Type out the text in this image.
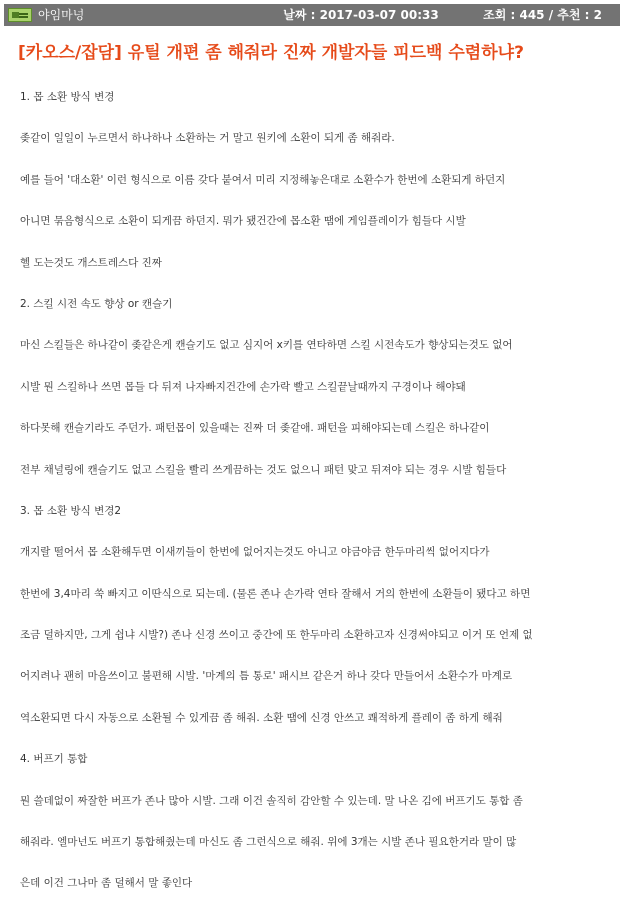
야임마넝	날짜 : 2017-03-07 00:33	조회 : 445 / 추천 : 2
[카오스/잡담] 유틸 개편 좀 해줘라 진짜 개발자들 피드백 수렴하냐?

1. 몹 소환 방식 변경

좆같이 일일이 누르면서 하나하나 소환하는 거 말고 원키에 소환이 되게 좀 해줘라.

예를 들어 '대소환' 이런 형식으로 이름 갖다 붙여서 미리 지정해놓은대로 소환수가 한번에 소환되게 하던지

아니면 묶음형식으로 소환이 되게끔 하던지. 뭐가 됐건간에 몹소환 땜에 게임플레이가 힘들다 시발

헬 도는것도 개스트레스다 진짜

2. 스킬 시전 속도 향상 or 캔슬기

마신 스킬들은 하나같이 좆같은게 캔슬기도 없고 심지어 x키를 연타하면 스킬 시전속도가 향상되는것도 없어

시발 뭔 스킬하나 쓰면 몹들 다 뒤져 나자빠지건간에 손가락 빨고 스킬끝날때까지 구경이나 해야돼

하다못해 캔슬기라도 주던가. 패턴몹이 있을때는 진짜 더 좆같애. 패턴을 피해야되는데 스킬은 하나같이

전부 채널링에 캔슬기도 없고 스킬을 빨리 쓰게끔하는 것도 없으니 패턴 맞고 뒤져야 되는 경우 시발 힘들다

3. 몹 소환 방식 변경2

개지랄 떨어서 몹 소환해두면 이새끼들이 한번에 없어지는것도 아니고 야금야금 한두마리씩 없어지다가

한번에 3,4마리 쑥 빠지고 이딴식으로 되는데. (물론 존나 손가락 연타 잘해서 거의 한번에 소환들이 됐다고 하면

조금 덜하지만, 그게 쉽냐 시발?) 존나 신경 쓰이고 중간에 또 한두마리 소환하고자 신경써야되고 이거 또 언제 없

어지려나 괜히 마음쓰이고 불편해 시발. '마계의 틈 통로' 패시브 같은거 하나 갖다 만들어서 소환수가 마계로

역소환되면 다시 자동으로 소환될 수 있게끔 좀 해줘. 소환 땜에 신경 안쓰고 쾌적하게 플레이 좀 하게 해줘

4. 버프기 통합

뭔 쓸데없이 짜잘한 버프가 존나 많아 시발. 그래 이건 솔직히 감안할 수 있는데. 말 나온 김에 버프기도 통합 좀

해줘라. 엘마넌도 버프기 통합해줬는데 마신도 좀 그런식으로 해줘. 위에 3개는 시발 존나 필요한거라 말이 많

은데 이건 그나마 좀 덜해서 말 좋인다
